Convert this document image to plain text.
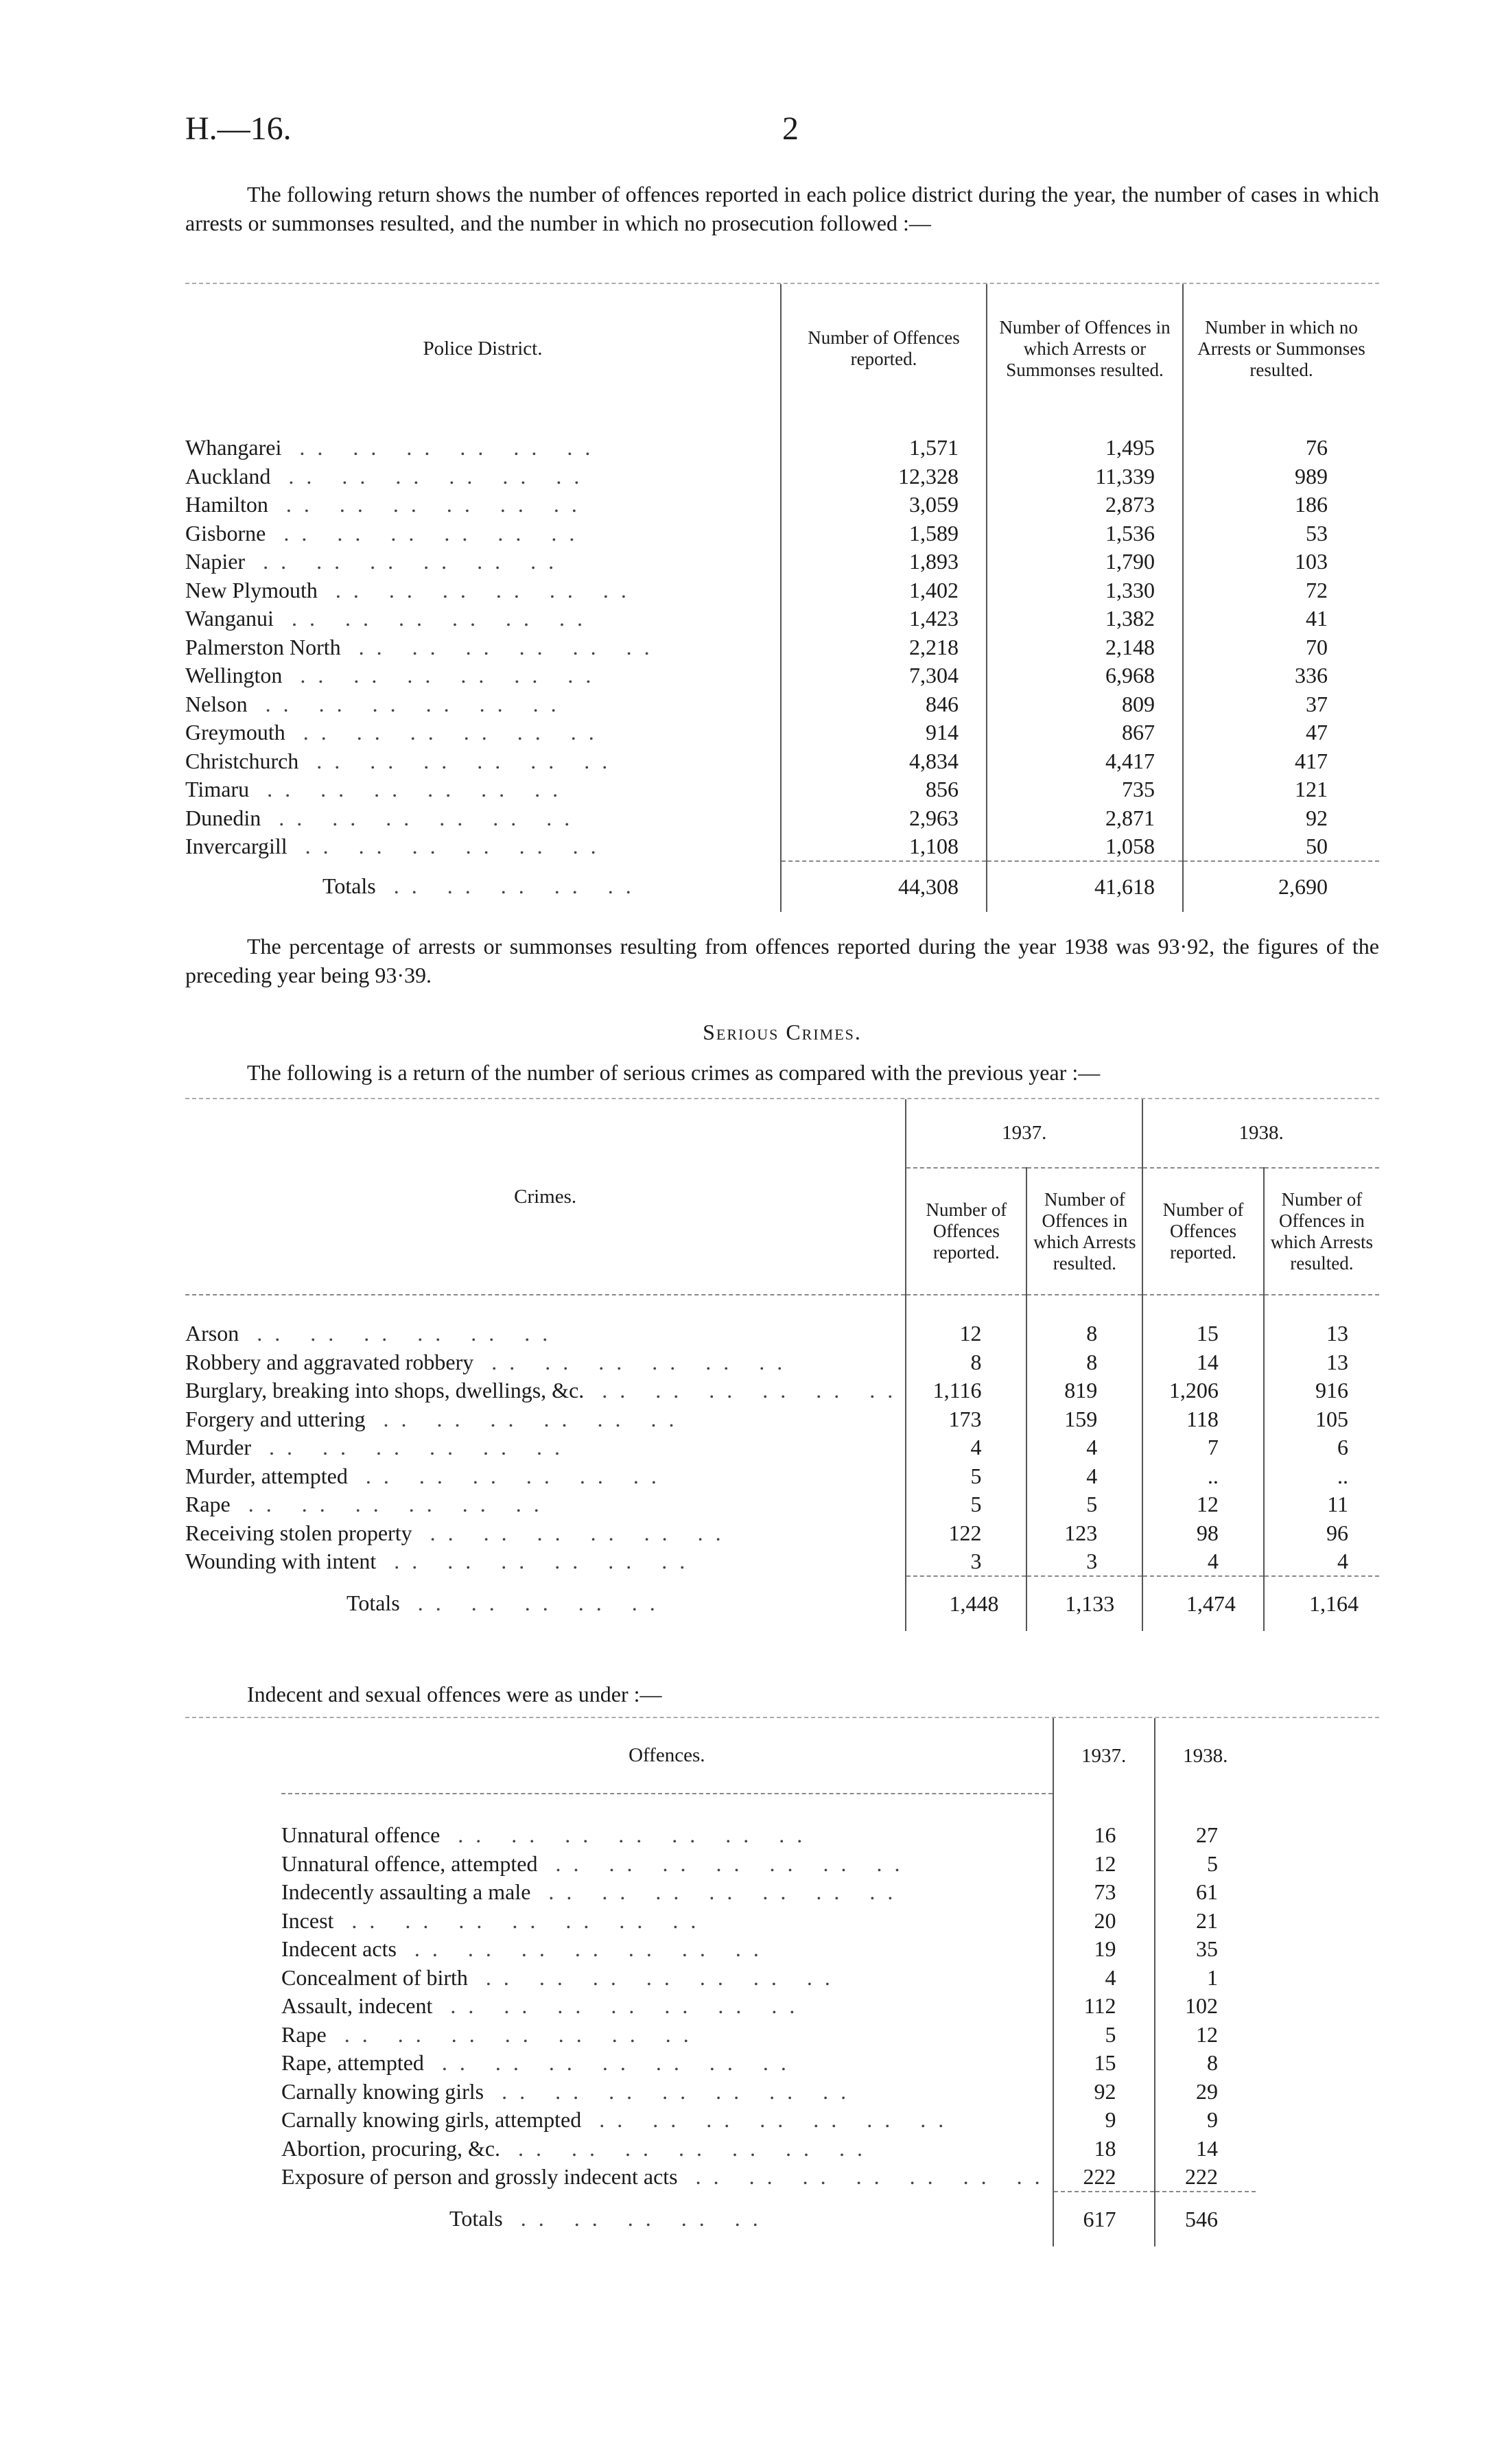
H.—16.	2
The following return shows the number of offences reported in each police district during the year, the number of cases in which arrests or summonses resulted, and the number in which no prosecution followed :—
Police District.	Number of Offences reported.	Number of Offences in which Arrests or Summonses resulted.	Number in which no Arrests or Summonses resulted.

Whangarei .. .. .. .. .. ..	1,571	1,495	76
Auckland .. .. .. .. .. ..	12,328	11,339	989
Hamilton .. .. .. .. .. ..	3,059	2,873	186
Gisborne .. .. .. .. .. ..	1,589	1,536	53
Napier .. .. .. .. .. ..	1,893	1,790	103
New Plymouth .. .. .. .. .. ..	1,402	1,330	72
Wanganui .. .. .. .. .. ..	1,423	1,382	41
Palmerston North .. .. .. .. .. ..	2,218	2,148	70
Wellington .. .. .. .. .. ..	7,304	6,968	336
Nelson .. .. .. .. .. ..	846	809	37
Greymouth .. .. .. .. .. ..	914	867	47
Christchurch .. .. .. .. .. ..	4,834	4,417	417
Timaru .. .. .. .. .. ..	856	735	121
Dunedin .. .. .. .. .. ..	2,963	2,871	92
Invercargill .. .. .. .. .. ..	1,108	1,058	50
Totals .. .. .. .. ..	44,308	41,618	2,690
The percentage of arrests or summonses resulting from offences reported during the year 1938 was 93·92, the figures of the preceding year being 93·39.
Serious Crimes.
The following is a return of the number of serious crimes as compared with the previous year :—
Crimes.	1937.		1938.	
	Number of Offences reported.	Number of Offences in which Arrests resulted.	Number of Offences reported.	Number of Offences in which Arrests resulted.

Arson .. .. .. .. .. ..	12	8	15	13
Robbery and aggravated robbery .. .. .. .. .. ..	8	8	14	13
Burglary, breaking into shops, dwellings, &c. .. .. .. .. .. ..	1,116	819	1,206	916
Forgery and uttering .. .. .. .. .. ..	173	159	118	105
Murder .. .. .. .. .. ..	4	4	7	6
Murder, attempted .. .. .. .. .. ..	5	4	..	..
Rape .. .. .. .. .. ..	5	5	12	11
Receiving stolen property .. .. .. .. .. ..	122	123	98	96
Wounding with intent .. .. .. .. .. ..	3	3	4	4
Totals .. .. .. .. ..	1,448	1,133	1,474	1,164
Indecent and sexual offences were as under :—
Offences.	1937.	1938.

Unnatural offence .. .. .. .. .. .. ..	16	27
Unnatural offence, attempted .. .. .. .. .. .. ..	12	5
Indecently assaulting a male .. .. .. .. .. .. ..	73	61
Incest .. .. .. .. .. .. ..	20	21
Indecent acts .. .. .. .. .. .. ..	19	35
Concealment of birth .. .. .. .. .. .. ..	4	1
Assault, indecent .. .. .. .. .. .. ..	112	102
Rape .. .. .. .. .. .. ..	5	12
Rape, attempted .. .. .. .. .. .. ..	15	8
Carnally knowing girls .. .. .. .. .. .. ..	92	29
Carnally knowing girls, attempted .. .. .. .. .. .. ..	9	9
Abortion, procuring, &c. .. .. .. .. .. .. ..	18	14
Exposure of person and grossly indecent acts .. .. .. .. .. .. ..	222	222
Totals .. .. .. .. ..	617	546
